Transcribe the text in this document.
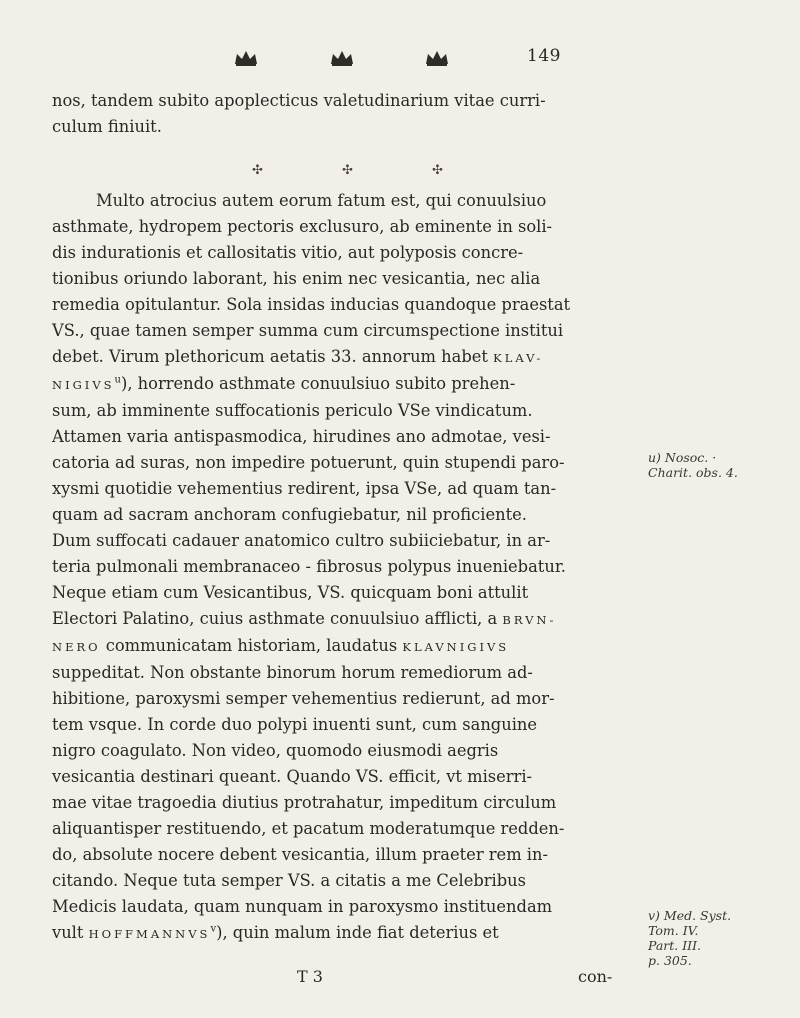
149

nos, tandem subito apoplecticus valetudinarium vitae curri-

culum finiuit.

✣	✣	✣

Multo atrocius autem eorum fatum est, qui conuulsiuo

asthmate, hydropem pectoris exclusuro, ab eminente in soli-

dis indurationis et callositatis vitio, aut polyposis concre-

tionibus oriundo laborant, his enim nec vesicantia, nec alia

remedia opitulantur. Sola insidas inducias quandoque praestat

VS., quae tamen semper summa cum circumspectione institui

debet. Virum plethoricum aetatis 33. annorum habet KLAV-

NIGIVS$^u$), horrendo asthmate conuulsiuo subito prehen-

sum, ab imminente suffocationis periculo VSe vindicatum.

Attamen varia antispasmodica, hirudines ano admotae, vesi-

catoria ad suras, non impedire potuerunt, quin stupendi paro-

xysmi quotidie vehementius redirent, ipsa VSe, ad quam tan-

quam ad sacram anchoram confugiebatur, nil proficiente.

Dum suffocati cadauer anatomico cultro subiiciebatur, in ar-

teria pulmonali membranaceo - fibrosus polypus inueniebatur.

Neque etiam cum Vesicantibus, VS. quicquam boni attulit

Electori Palatino, cuius asthmate conuulsiuo afflicti, a BRVN-

NERO communicatam historiam, laudatus KLAVNIGIVS

suppeditat. Non obstante binorum horum remediorum ad-

hibitione, paroxysmi semper vehementius redierunt, ad mor-

tem vsque. In corde duo polypi inuenti sunt, cum sanguine

nigro coagulato. Non video, quomodo eiusmodi aegris

vesicantia destinari queant. Quando VS. efficit, vt miserri-

mae vitae tragoedia diutius protrahatur, impeditum circulum

aliquantisper restituendo, et pacatum moderatumque redden-

do, absolute nocere debent vesicantia, illum praeter rem in-

citando. Neque tuta semper VS. a citatis a me Celebribus

Medicis laudata, quam nunquam in paroxysmo instituendam

vult HOFFMANNVS$^v$), quin malum inde fiat deterius et

u) Nosoc. ·
Charit. obs. 4.
v) Med. Syst.
Tom. IV.
Part. III.
p. 305.
T 3	con-
